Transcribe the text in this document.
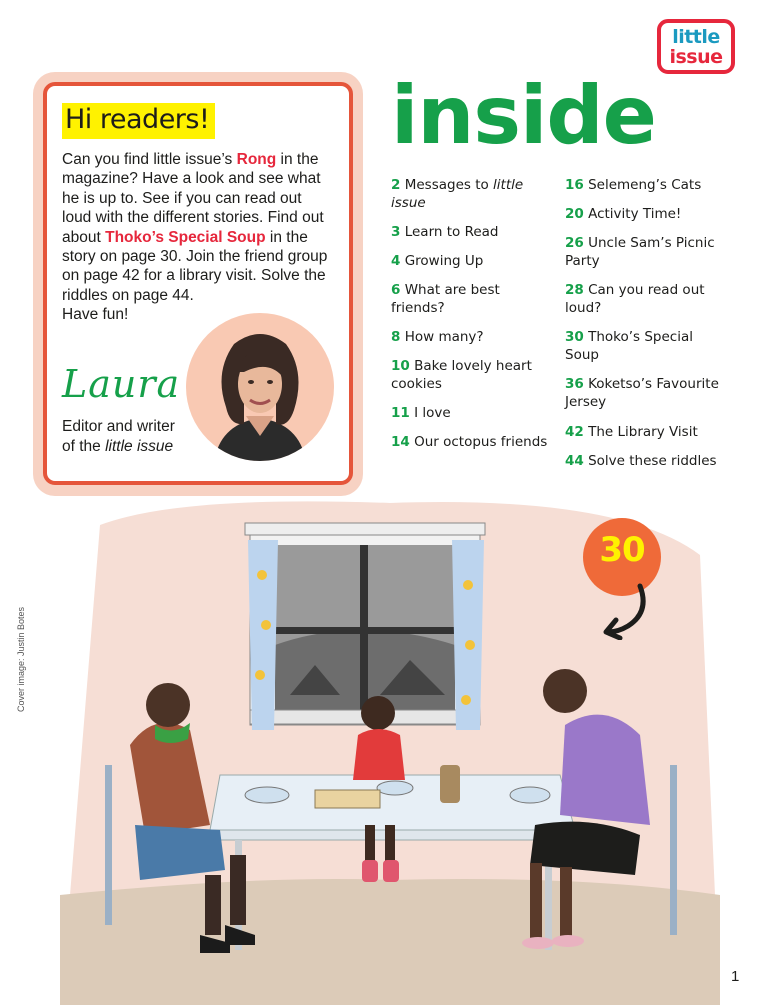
little
issue
Hi readers!
Can you find little issue’s Rong in the magazine? Have a look and see what he is up to. See if you can read out loud with the different stories. Find out about Thoko’s Special Soup in the story on page 30. Join the friend group on page 42 for a library visit. Solve the riddles on page 44.
Have fun!
Laura
Editor and writer
of the little issue
inside
2 Messages to little issue
3 Learn to Read
4 Growing Up
6 What are best friends?
8 How many?
10 Bake lovely heart cookies
11 I love
14 Our octopus friends
16 Selemeng’s Cats
20 Activity Time!
26 Uncle Sam’s Picnic Party
28 Can you read out loud?
30 Thoko’s Special Soup
36 Koketso’s Favourite Jersey
42 The Library Visit
44 Solve these riddles
30
Cover image: Justin Botes
1
